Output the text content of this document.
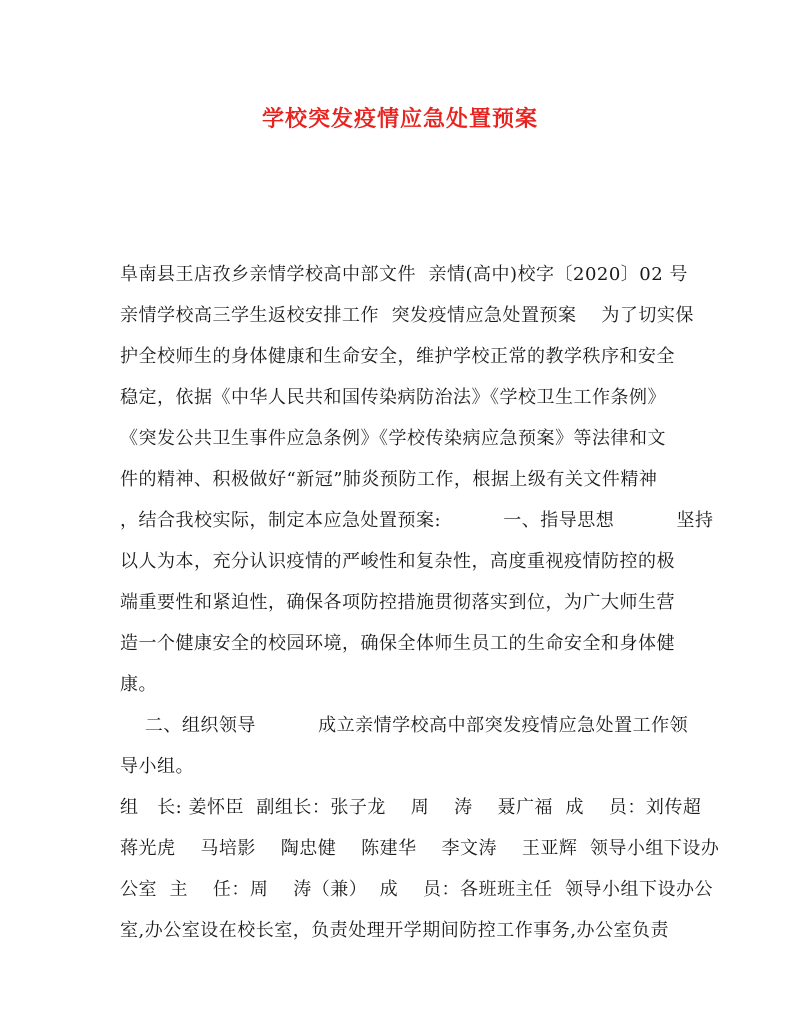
学校突发疫情应急处置预案
阜南县王店孜乡亲情学校高中部文件  亲情(高中)校字〔2020〕02 号
亲情学校高三学生返校安排工作  突发疫情应急处置预案    为了切实保
护全校师生的身体健康和生命安全，维护学校正常的教学秩序和安全
稳定，依据《中华人民共和国传染病防治法》《学校卫生工作条例》
《突发公共卫生事件应急条例》《学校传染病应急预案》等法律和文
件的精神、积极做好“新冠”肺炎预防工作，根据上级有关文件精神
，结合我校实际，制定本应急处置预案:          一、指导思想          坚持
以人为本，充分认识疫情的严峻性和复杂性，高度重视疫情防控的极
端重要性和紧迫性，确保各项防控措施贯彻落实到位，为广大师生营
造一个健康安全的校园环境，确保全体师生员工的生命安全和身体健
康。
二、组织领导          成立亲情学校高中部突发疫情应急处置工作领
导小组。
组   长: 姜怀臣  副组长：张子龙    周    涛    聂广福  成    员：刘传超
蒋光虎    马培影    陶忠健    陈建华    李文涛    王亚辉  领导小组下设办
公室  主    任：周    涛（兼）  成    员：各班班主任  领导小组下设办公
室,办公室设在校长室，负责处理开学期间防控工作事务,办公室负责
